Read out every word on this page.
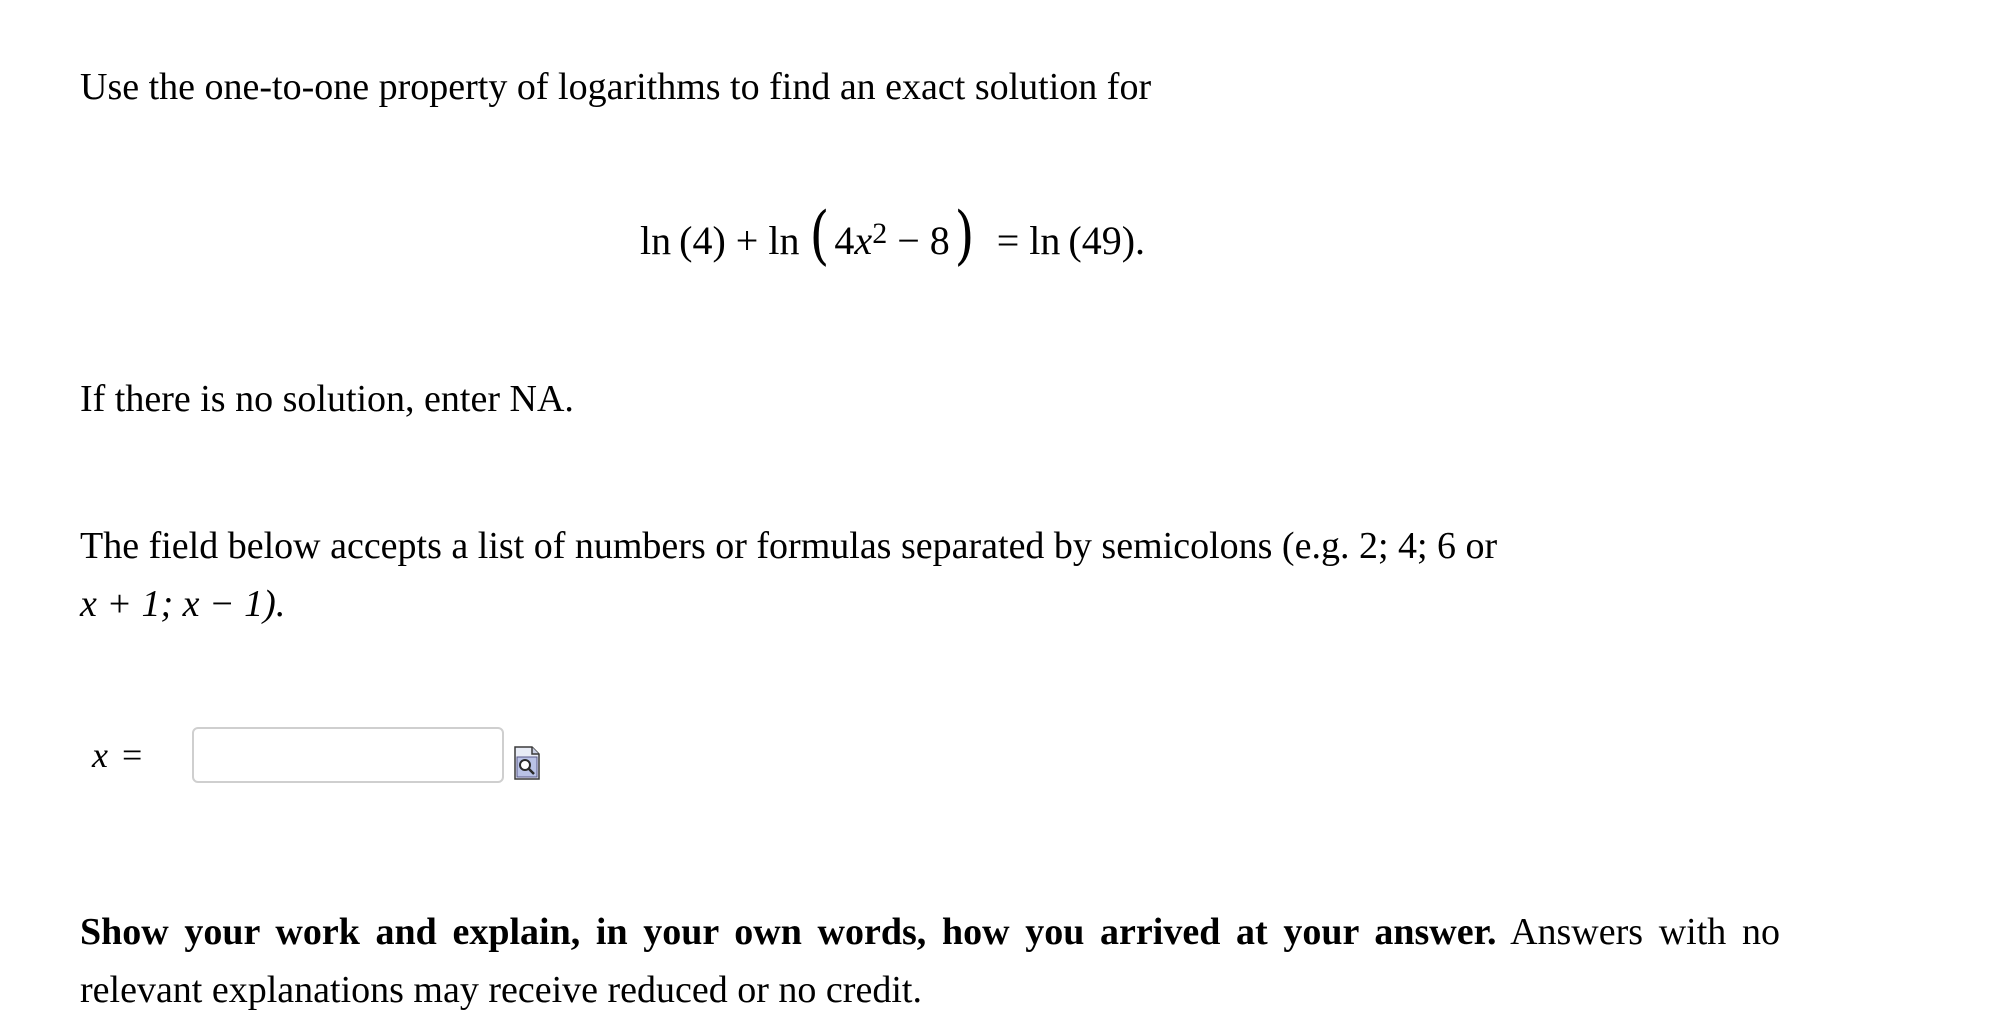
Use the one-to-one property of logarithms to find an exact solution for

ln (4) + ln ( 4 $x^2 - 8$ ) = ln (49).

If there is no solution, enter NA.

The field below accepts a list of numbers or formulas separated by semicolons (e.g. 2; 4; 6 or
x + 1; x − 1).
x =
Show your work and explain, in your own words, how you arrived at your answer. Answers with no relevant explanations may receive reduced or no credit.
